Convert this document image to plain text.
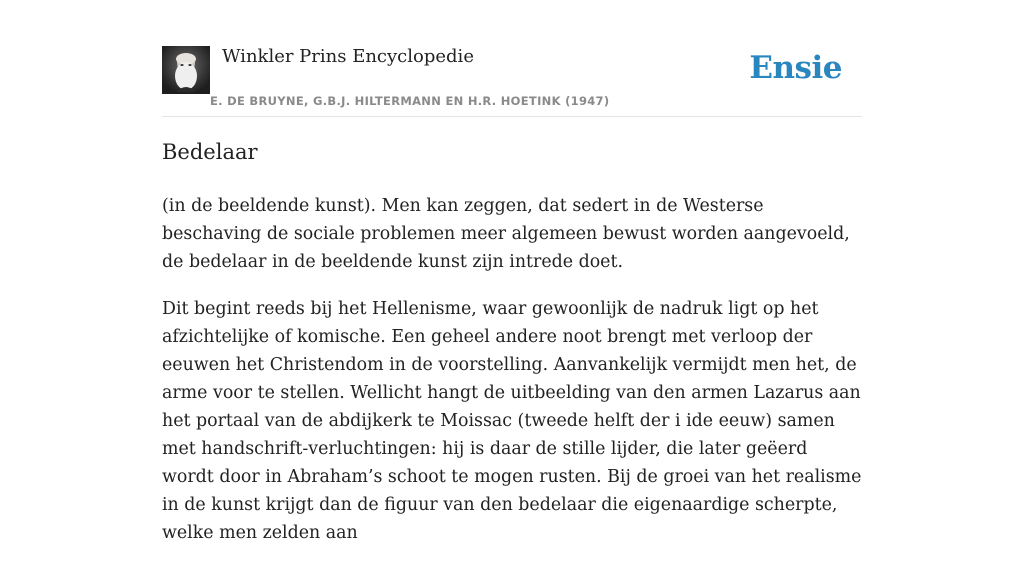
Winkler Prins Encyclopedie
E. DE BRUYNE, G.B.J. HILTERMANN EN H.R. HOETINK (1947)
Ensie
Bedelaar

(in de beeldende kunst). Men kan zeggen, dat sedert in de Westerse beschaving de sociale problemen meer algemeen bewust worden aangevoeld, de bedelaar in de beeldende kunst zijn intrede doet.

Dit begint reeds bij het Hellenisme, waar gewoonlijk de nadruk ligt op het afzichtelijke of komische. Een geheel andere noot brengt met verloop der eeuwen het Christendom in de voorstelling. Aanvankelijk vermijdt men het, de arme voor te stellen. Wellicht hangt de uitbeelding van den armen Lazarus aan het portaal van de abdijkerk te Moissac (tweede helft der i ide eeuw) samen met handschrift-verluchtingen: hij is daar de stille lijder, die later geëerd wordt door in Abraham’s schoot te mogen rusten. Bij de groei van het realisme in de kunst krijgt dan de figuur van den bedelaar die eigenaardige scherpte, welke men zelden aan
